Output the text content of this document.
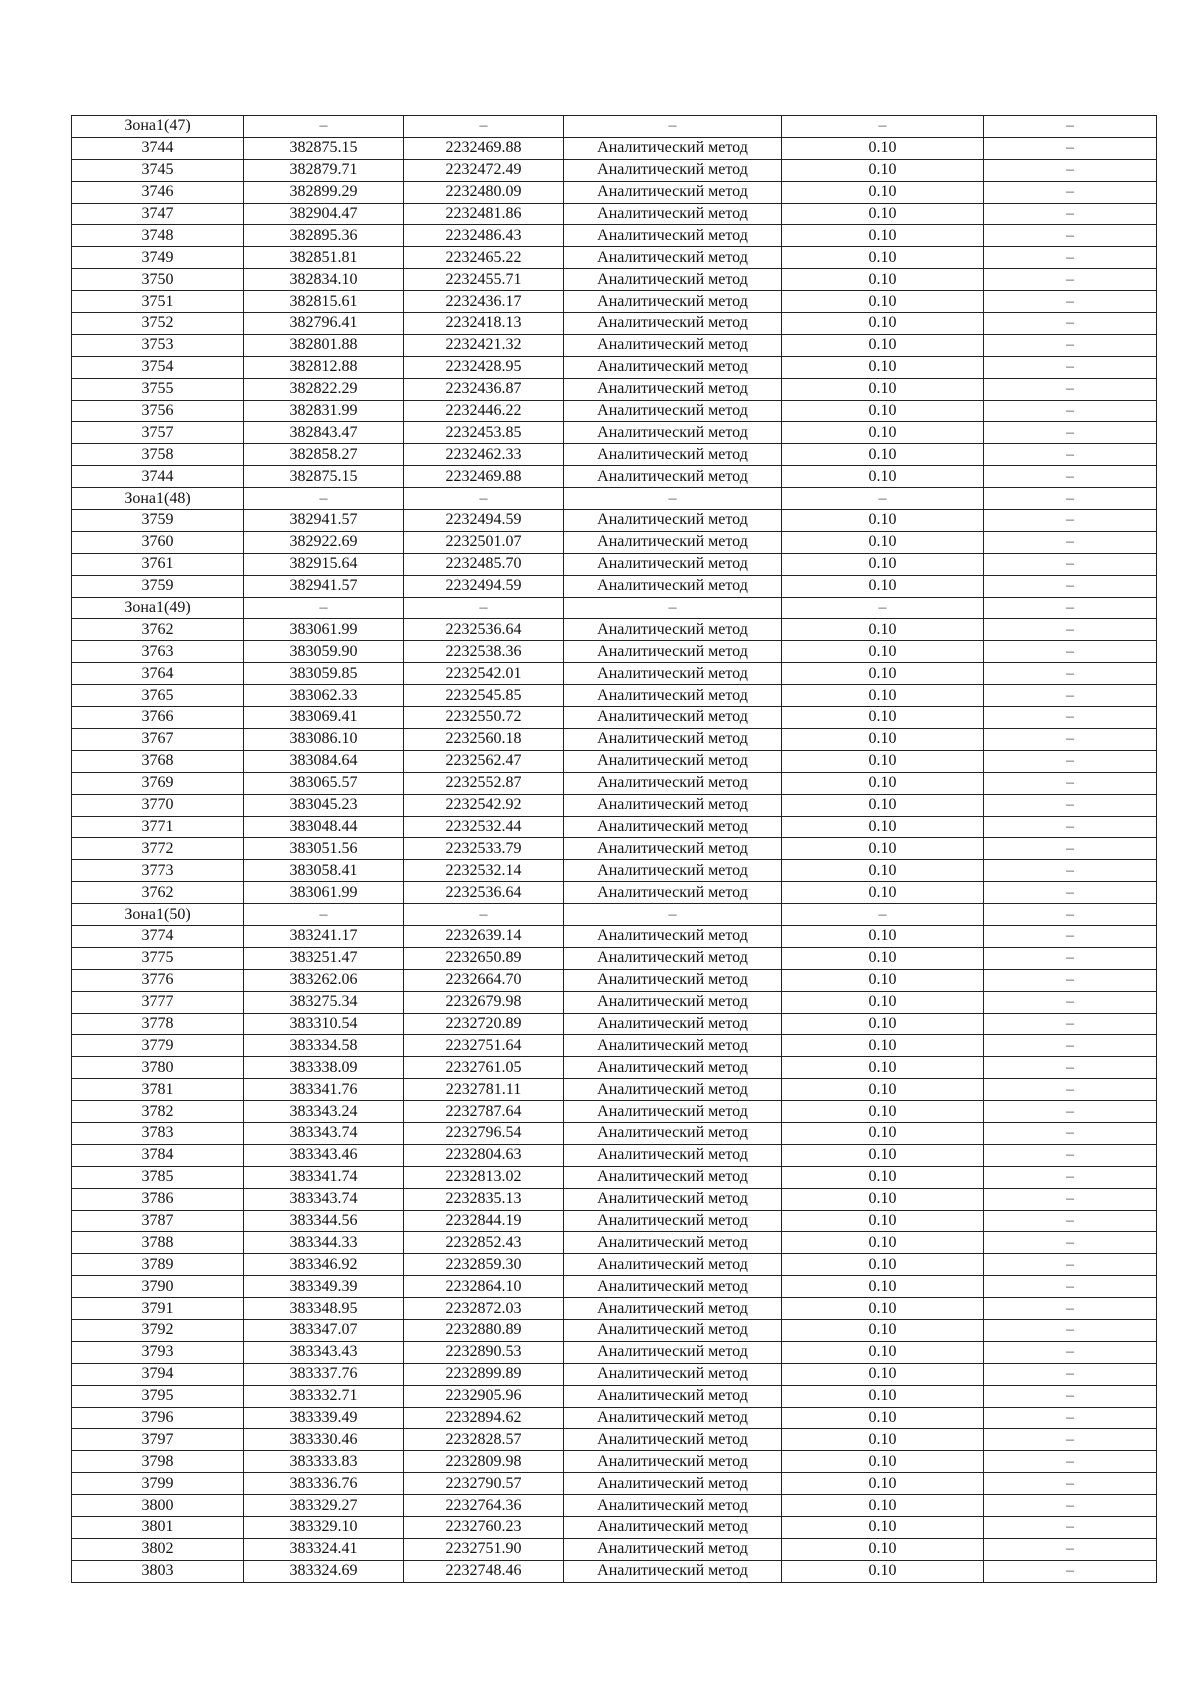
Зона1(47)	–	–	–	–	–
3744	382875.15	2232469.88	Аналитический метод	0.10	–
3745	382879.71	2232472.49	Аналитический метод	0.10	–
3746	382899.29	2232480.09	Аналитический метод	0.10	–
3747	382904.47	2232481.86	Аналитический метод	0.10	–
3748	382895.36	2232486.43	Аналитический метод	0.10	–
3749	382851.81	2232465.22	Аналитический метод	0.10	–
3750	382834.10	2232455.71	Аналитический метод	0.10	–
3751	382815.61	2232436.17	Аналитический метод	0.10	–
3752	382796.41	2232418.13	Аналитический метод	0.10	–
3753	382801.88	2232421.32	Аналитический метод	0.10	–
3754	382812.88	2232428.95	Аналитический метод	0.10	–
3755	382822.29	2232436.87	Аналитический метод	0.10	–
3756	382831.99	2232446.22	Аналитический метод	0.10	–
3757	382843.47	2232453.85	Аналитический метод	0.10	–
3758	382858.27	2232462.33	Аналитический метод	0.10	–
3744	382875.15	2232469.88	Аналитический метод	0.10	–
Зона1(48)	–	–	–	–	–
3759	382941.57	2232494.59	Аналитический метод	0.10	–
3760	382922.69	2232501.07	Аналитический метод	0.10	–
3761	382915.64	2232485.70	Аналитический метод	0.10	–
3759	382941.57	2232494.59	Аналитический метод	0.10	–
Зона1(49)	–	–	–	–	–
3762	383061.99	2232536.64	Аналитический метод	0.10	–
3763	383059.90	2232538.36	Аналитический метод	0.10	–
3764	383059.85	2232542.01	Аналитический метод	0.10	–
3765	383062.33	2232545.85	Аналитический метод	0.10	–
3766	383069.41	2232550.72	Аналитический метод	0.10	–
3767	383086.10	2232560.18	Аналитический метод	0.10	–
3768	383084.64	2232562.47	Аналитический метод	0.10	–
3769	383065.57	2232552.87	Аналитический метод	0.10	–
3770	383045.23	2232542.92	Аналитический метод	0.10	–
3771	383048.44	2232532.44	Аналитический метод	0.10	–
3772	383051.56	2232533.79	Аналитический метод	0.10	–
3773	383058.41	2232532.14	Аналитический метод	0.10	–
3762	383061.99	2232536.64	Аналитический метод	0.10	–
Зона1(50)	–	–	–	–	–
3774	383241.17	2232639.14	Аналитический метод	0.10	–
3775	383251.47	2232650.89	Аналитический метод	0.10	–
3776	383262.06	2232664.70	Аналитический метод	0.10	–
3777	383275.34	2232679.98	Аналитический метод	0.10	–
3778	383310.54	2232720.89	Аналитический метод	0.10	–
3779	383334.58	2232751.64	Аналитический метод	0.10	–
3780	383338.09	2232761.05	Аналитический метод	0.10	–
3781	383341.76	2232781.11	Аналитический метод	0.10	–
3782	383343.24	2232787.64	Аналитический метод	0.10	–
3783	383343.74	2232796.54	Аналитический метод	0.10	–
3784	383343.46	2232804.63	Аналитический метод	0.10	–
3785	383341.74	2232813.02	Аналитический метод	0.10	–
3786	383343.74	2232835.13	Аналитический метод	0.10	–
3787	383344.56	2232844.19	Аналитический метод	0.10	–
3788	383344.33	2232852.43	Аналитический метод	0.10	–
3789	383346.92	2232859.30	Аналитический метод	0.10	–
3790	383349.39	2232864.10	Аналитический метод	0.10	–
3791	383348.95	2232872.03	Аналитический метод	0.10	–
3792	383347.07	2232880.89	Аналитический метод	0.10	–
3793	383343.43	2232890.53	Аналитический метод	0.10	–
3794	383337.76	2232899.89	Аналитический метод	0.10	–
3795	383332.71	2232905.96	Аналитический метод	0.10	–
3796	383339.49	2232894.62	Аналитический метод	0.10	–
3797	383330.46	2232828.57	Аналитический метод	0.10	–
3798	383333.83	2232809.98	Аналитический метод	0.10	–
3799	383336.76	2232790.57	Аналитический метод	0.10	–
3800	383329.27	2232764.36	Аналитический метод	0.10	–
3801	383329.10	2232760.23	Аналитический метод	0.10	–
3802	383324.41	2232751.90	Аналитический метод	0.10	–
3803	383324.69	2232748.46	Аналитический метод	0.10	–
